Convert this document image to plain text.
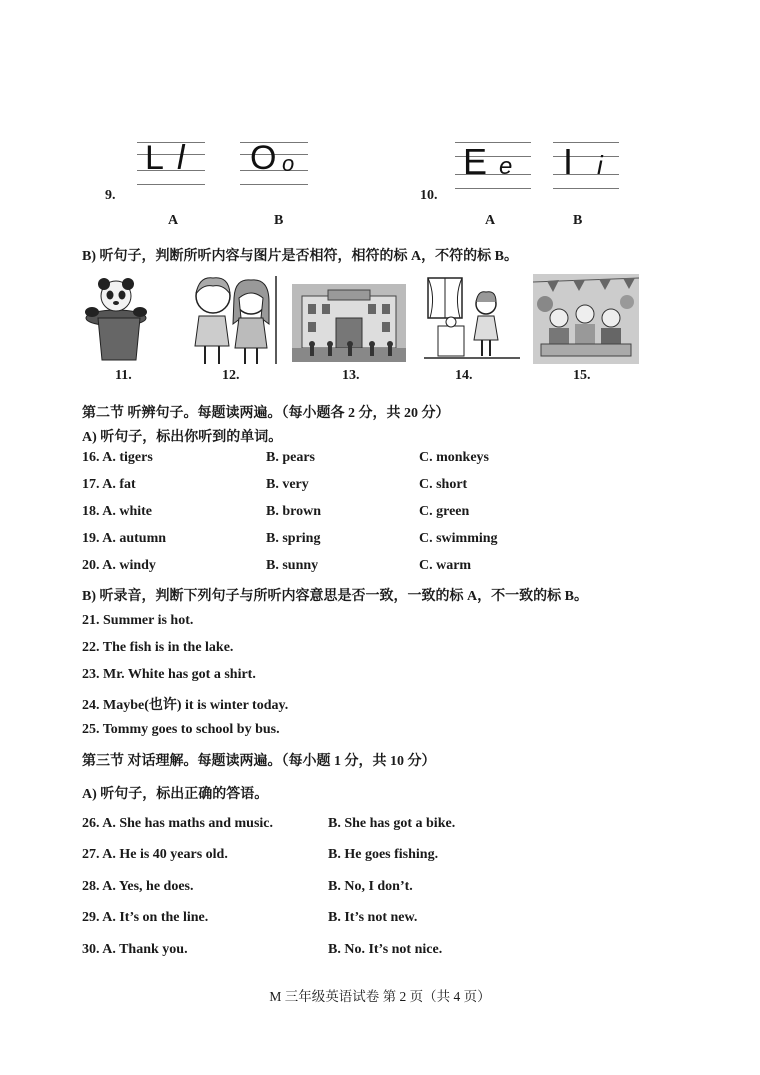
L l O o
9.
A	B
E e I i
10.
A	B
B) 听句子，判断所听内容与图片是否相符，相符的标 A，不符的标 B。
11.	12.	13.	14.	15.
第二节 听辨句子。每题读两遍。（每小题各 2 分，共 20 分）
A) 听句子，标出你听到的单词。
16. A. tigers	B. pears	C. monkeys
17. A. fat	B. very	C. short
18. A. white	B. brown	C. green
19. A. autumn	B. spring	C. swimming
20. A. windy	B. sunny	C. warm
B) 听录音，判断下列句子与所听内容意思是否一致，一致的标 A，不一致的标 B。
21. Summer is hot.
22. The fish is in the lake.
23. Mr. White has got a shirt.
24. Maybe(也许) it is winter today.
25. Tommy goes to school by bus.
第三节 对话理解。每题读两遍。（每小题 1 分，共 10 分）
A) 听句子，标出正确的答语。
26. A. She has maths and music.	B. She has got a bike.
27. A. He is 40 years old.	B. He goes fishing.
28. A. Yes, he does.	B. No, I don’t.
29. A. It’s on the line.	B. It’s not new.
30. A. Thank you.	B. No. It’s not nice.
M 三年级英语试卷 第 2 页（共 4 页）
